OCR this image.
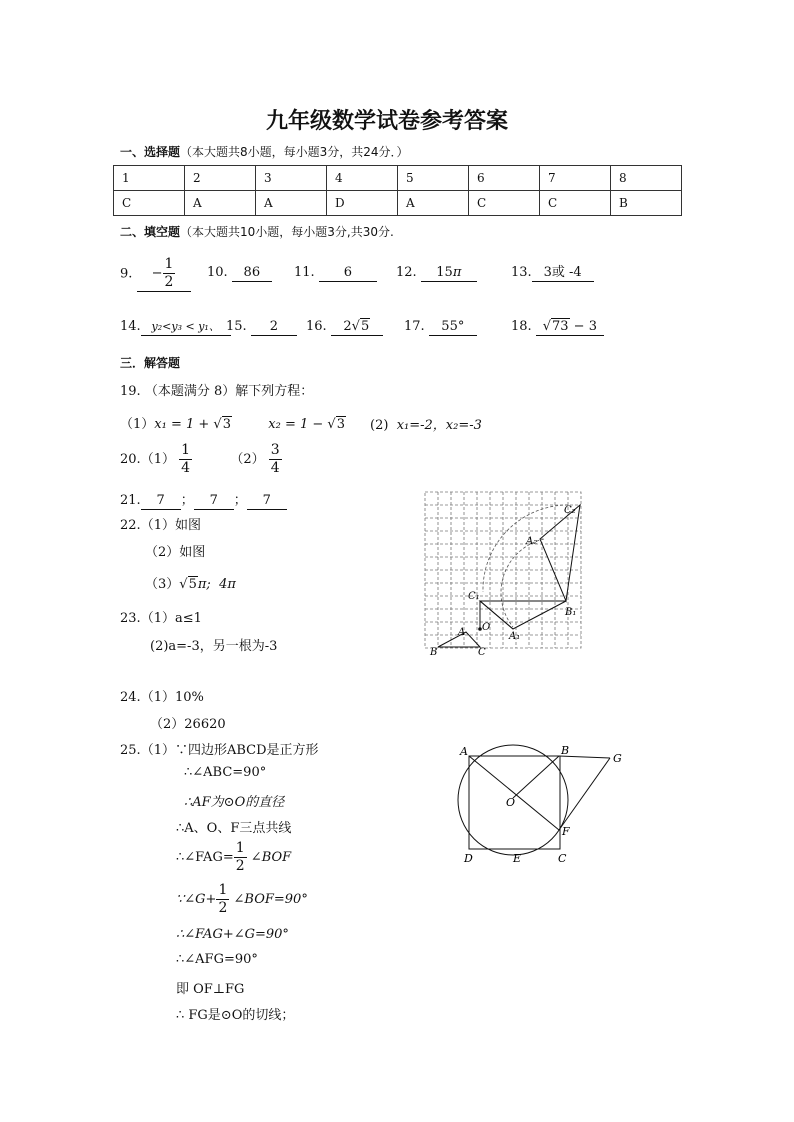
九年级数学试卷参考答案
一、选择题（本大题共8小题，每小题3分，共24分．）
1	2	3	4	5	6	7	8
C	A	A	D	A	C	C	B
二、填空题（本大题共10小题，每小题3分,共30分.
9. − $\frac{1}{2} 10$. 86	11. 6	12. 15π	13. 3或 -4
14. y₂<y₃ < y₁、 15. 2	16. 2√5	17. 55°	18. √73 − 3
三．解答题
19. （本题满分 8）解下列方程：
（1）x₁ = 1 + √3	x₂ = 1 − √3 (2) x₁=-2，x₂=-3
$20.(1) \frac{1}{4}$	$(2) \frac{3}{4}$
21. 7 ； 7 ； 7
22.（1）如图
（2）如图
（3）√5π; 4π
23.（1）a≤1
(2)a=-3，另一根为-3
24.（1）10%
（2）26620
25.（1）∵四边形ABCD是正方形
∴∠ABC=90°
∴AF为⊙O的直径
∴A、O、F三点共线
∴∠FAG= $\frac{1}{2}$ ∠BOF
∵∠G+ $\frac{1}{2}$ ∠BOF=90°
∴∠FAG+∠G=90°
∴∠AFG=90°
即 OF⊥FG
∴ FG是⊙O的切线；
C₂
A₂
C₁
B₁
O
A₁
A
B	C
A	B
G
O
F
D	E	C
